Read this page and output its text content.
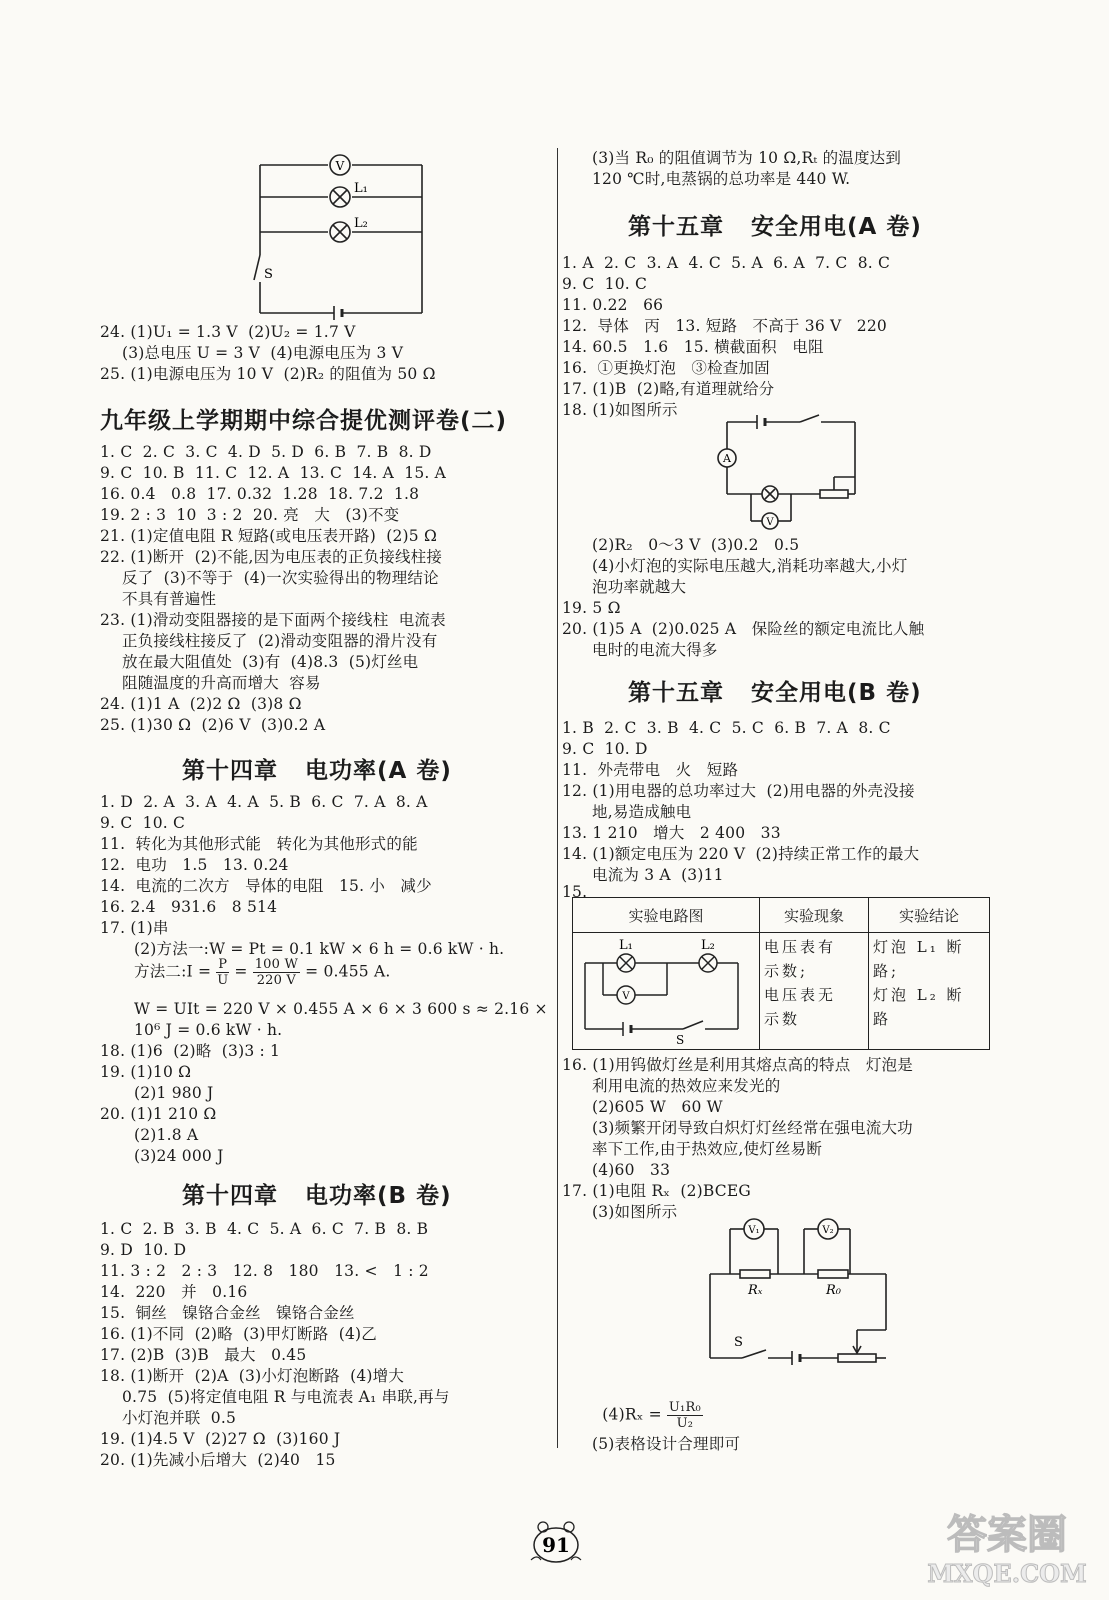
V
L₁
L₂
S
24. (1)U₁ = 1.3 V  (2)U₂ = 1.7 V
(3)总电压 U = 3 V  (4)电源电压为 3 V
25. (1)电源电压为 10 V  (2)R₂ 的阻值为 50 Ω
九年级上学期期中综合提优测评卷(二)
1. C  2. C  3. C  4. D  5. D  6. B  7. B  8. D
9. C  10. B  11. C  12. A  13. C  14. A  15. A
16. 0.4   0.8  17. 0.32  1.28  18. 7.2  1.8
19. 2 : 3  10  3 : 2  20. 亮   大   (3)不变
21. (1)定值电阻 R 短路(或电压表开路)  (2)5 Ω
22. (1)断开  (2)不能,因为电压表的正负接线柱接
反了  (3)不等于  (4)一次实验得出的物理结论
不具有普遍性
23. (1)滑动变阻器接的是下面两个接线柱  电流表
正负接线柱接反了  (2)滑动变阻器的滑片没有
放在最大阻值处  (3)有  (4)8.3  (5)灯丝电
阻随温度的升高而增大  容易
24. (1)1 A  (2)2 Ω  (3)8 Ω
25. (1)30 Ω  (2)6 V  (3)0.2 A
第十四章   电功率(A 卷)
1. D  2. A  3. A  4. A  5. B  6. C  7. A  8. A
9. C  10. C
11.  转化为其他形式能   转化为其他形式的能
12.  电功   1.5   13. 0.24
14.  电流的二次方   导体的电阻   15. 小   减少
16. 2.4   931.6   8 514
17. (1)串
(2)方法一:W = Pt = 0.1 kW × 6 h = 0.6 kW · h.
方法二:I = $\frac{P}{U} = \frac{100 W}{220 V} = 0.455$ A.
W = UIt = 220 V × 0.455 A × 6 × 3 600 s ≈ 2.16 ×
10⁶ J = 0.6 kW · h.
18. (1)6  (2)略  (3)3 : 1
19. (1)10 Ω
(2)1 980 J
20. (1)1 210 Ω
(2)1.8 A
(3)24 000 J
第十四章   电功率(B 卷)
1. C  2. B  3. B  4. C  5. A  6. C  7. B  8. B
9. D  10. D
11. 3 : 2   2 : 3   12. 8   180   13. <   1 : 2
14.  220   并   0.16
15.  铜丝   镍铬合金丝   镍铬合金丝
16. (1)不同  (2)略  (3)甲灯断路  (4)乙
17. (2)B  (3)B   最大   0.45
18. (1)断开  (2)A  (3)小灯泡断路  (4)增大
0.75  (5)将定值电阻 R 与电流表 A₁ 串联,再与
小灯泡并联  0.5
19. (1)4.5 V  (2)27 Ω  (3)160 J
20. (1)先减小后增大  (2)40   15
(3)当 R₀ 的阻值调节为 10 Ω,Rₜ 的温度达到
120 ℃时,电蒸锅的总功率是 440 W.
第十五章   安全用电(A 卷)
1. A  2. C  3. A  4. C  5. A  6. A  7. C  8. C
9. C  10. C
11. 0.22   66
12.  导体   丙   13. 短路   不高于 36 V   220
14. 60.5   1.6   15. 横截面积   电阻
16.  ①更换灯泡   ③检查加固
17. (1)B  (2)略,有道理就给分
18. (1)如图所示
(2)R₂   0～3 V  (3)0.2   0.5
(4)小灯泡的实际电压越大,消耗功率越大,小灯
泡功率就越大
19. 5 Ω
20. (1)5 A  (2)0.025 A   保险丝的额定电流比人触
电时的电流大得多
第十五章   安全用电(B 卷)
1. B  2. C  3. B  4. C  5. C  6. B  7. A  8. C
9. C  10. D
11.  外壳带电   火   短路
12. (1)用电器的总功率过大  (2)用电器的外壳没接
地,易造成触电
13. 1 210   增大   2 400   33
14. (1)额定电压为 220 V  (2)持续正常工作的最大
电流为 3 A  (3)11
15.
16. (1)用钨做灯丝是利用其熔点高的特点   灯泡是
利用电流的热效应来发光的
(2)605 W   60 W
(3)频繁开闭导致白炽灯灯丝经常在强电流大功
率下工作,由于热效应,使灯丝易断
(4)60   33
17. (1)电阻 Rₓ  (2)BCEG
(3)如图所示
(5)表格设计合理即可
A
V
实验电路图	实验现象	实验结论

L₁ L₂
V
S	电压表有
示数;
电压表无
示数	灯泡 L₁ 断
路;
灯泡 L₂ 断
路
V₁	V₂
Rₓ	R₀
S

$(4)R_x = \frac{\text{U₁R₀}}{\text{U₂}}$

91	答案圈
MXQE.COM
